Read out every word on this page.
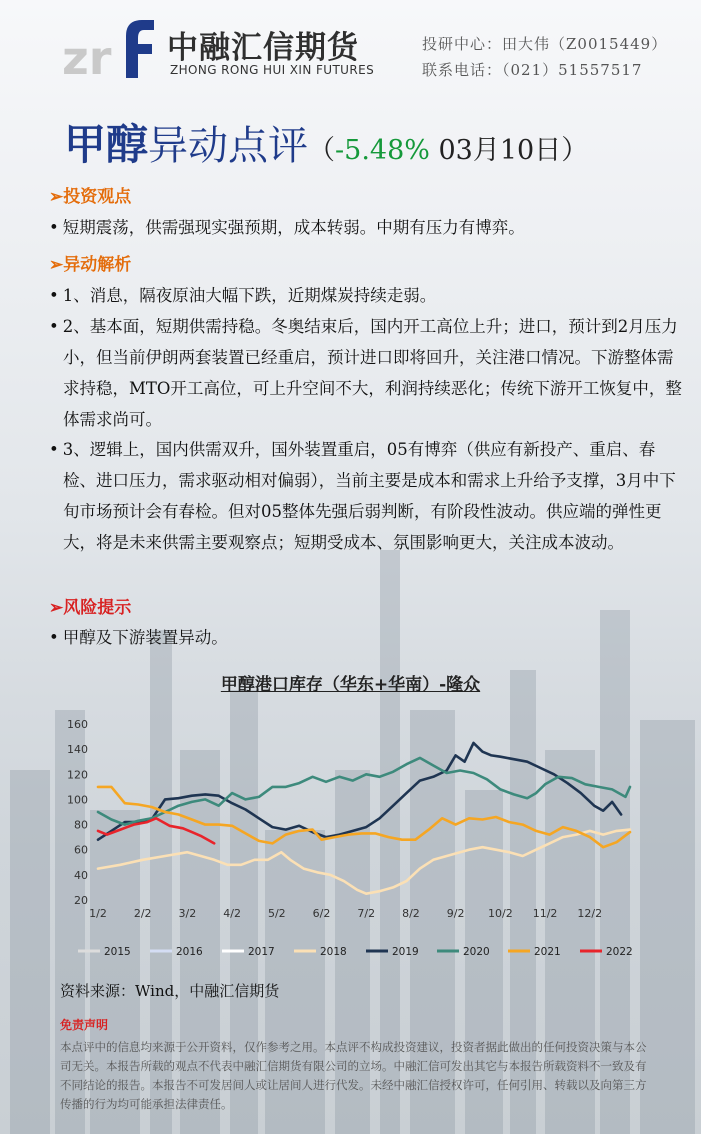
zr 中融汇信期货
ZHONG RONG HUI XIN FUTURES
投研中心：田大伟（Z0015449）
联系电话：（021）51557517
甲醇异动点评（-5.48% 03月10日）
➢投资观点
• 短期震荡，供需强现实强预期，成本转弱。中期有压力有博弈。
➢异动解析
• 1、消息，隔夜原油大幅下跌，近期煤炭持续走弱。
• 2、基本面，短期供需持稳。冬奥结束后，国内开工高位上升；进口，预计到2月压力小，但当前伊朗两套装置已经重启，预计进口即将回升，关注港口情况。下游整体需求持稳，MTO开工高位，可上升空间不大，利润持续恶化；传统下游开工恢复中，整体需求尚可。
• 3、逻辑上，国内供需双升，国外装置重启，05有博弈（供应有新投产、重启、春检、进口压力，需求驱动相对偏弱），当前主要是成本和需求上升给予支撑，3月中下旬市场预计会有春检。但对05整体先强后弱判断，有阶段性波动。供应端的弹性更大，将是未来供需主要观察点；短期受成本、氛围影响更大，关注成本波动。
➢风险提示
• 甲醇及下游装置异动。
甲醇港口库存（华东+华南）-隆众
20
40
60
80
100
120
140
160
1/2 2/2 3/2 4/2 5/2 6/2 7/2 8/2 9/2 10/2 11/2 12/2
2015	2016	2017	2018	2019	2020	2021	2022
资料来源：Wind，中融汇信期货
免责声明
本点评中的信息均来源于公开资料，仅作参考之用。本点评不构成投资建议，投资者据此做出的任何投资决策与本公司无关。本报告所载的观点不代表中融汇信期货有限公司的立场。中融汇信可发出其它与本报告所载资料不一致及有不同结论的报告。本报告不可发居间人或让居间人进行代发。未经中融汇信授权许可，任何引用、转载以及向第三方传播的行为均可能承担法律责任。
